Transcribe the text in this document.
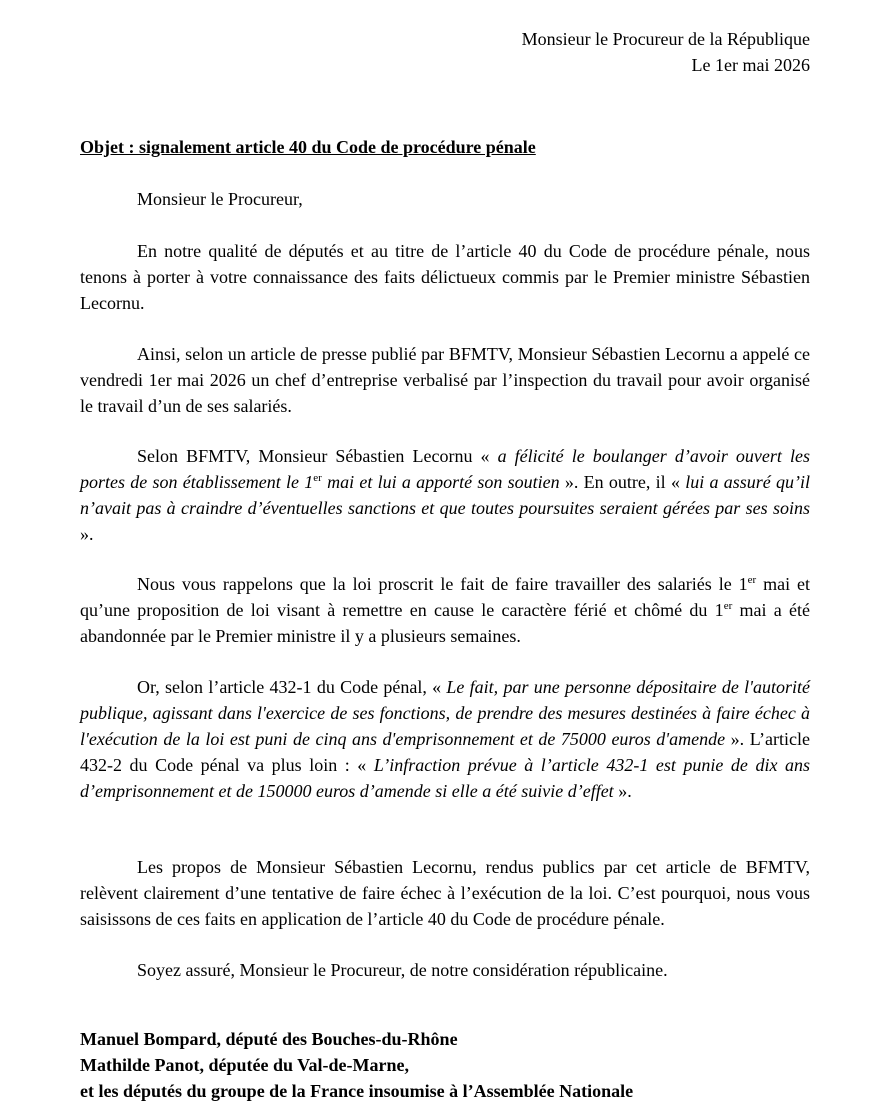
Monsieur le Procureur de la République
Le 1er mai 2026
Objet : signalement article 40 du Code de procédure pénale

Monsieur le Procureur,

En notre qualité de députés et au titre de l’article 40 du Code de procédure pénale, nous tenons à porter à votre connaissance des faits délictueux commis par le Premier ministre Sébastien Lecornu.

Ainsi, selon un article de presse publié par BFMTV, Monsieur Sébastien Lecornu a appelé ce vendredi 1er mai 2026 un chef d’entreprise verbalisé par l’inspection du travail pour avoir organisé le travail d’un de ses salariés.

Selon BFMTV, Monsieur Sébastien Lecornu « a félicité le boulanger d’avoir ouvert les portes de son établissement le 1er mai et lui a apporté son soutien ». En outre, il « lui a assuré qu’il n’avait pas à craindre d’éventuelles sanctions et que toutes poursuites seraient gérées par ses soins ».

Nous vous rappelons que la loi proscrit le fait de faire travailler des salariés le 1er mai et qu’une proposition de loi visant à remettre en cause le caractère férié et chômé du 1er mai a été abandonnée par le Premier ministre il y a plusieurs semaines.

Or, selon l’article 432-1 du Code pénal, « Le fait, par une personne dépositaire de l'autorité publique, agissant dans l'exercice de ses fonctions, de prendre des mesures destinées à faire échec à l'exécution de la loi est puni de cinq ans d'emprisonnement et de 75000 euros d'amende ». L’article 432-2 du Code pénal va plus loin : « L’infraction prévue à l’article 432-1 est punie de dix ans d’emprisonnement et de 150000 euros d’amende si elle a été suivie d’effet ».

Les propos de Monsieur Sébastien Lecornu, rendus publics par cet article de BFMTV, relèvent clairement d’une tentative de faire échec à l’exécution de la loi. C’est pourquoi, nous vous saisissons de ces faits en application de l’article 40 du Code de procédure pénale.

Soyez assuré, Monsieur le Procureur, de notre considération républicaine.

Manuel Bompard, député des Bouches-du-Rhône
Mathilde Panot, députée du Val-de-Marne,
et les députés du groupe de la France insoumise à l’Assemblée Nationale
